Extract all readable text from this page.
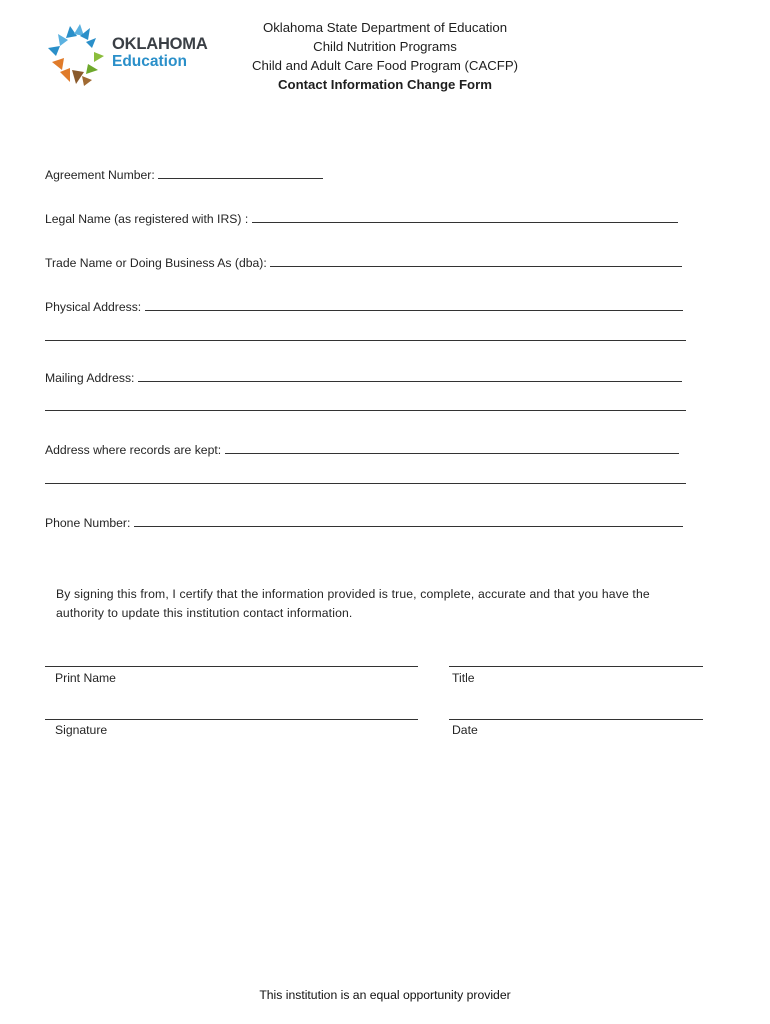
OKLAHOMA
Education
Oklahoma State Department of Education
Child Nutrition Programs
Child and Adult Care Food Program (CACFP)
Contact Information Change Form
Agreement Number:
Legal Name (as registered with IRS) :
Trade Name or Doing Business As (dba):
Physical Address:
Mailing Address:
Address where records are kept:
Phone Number:
By signing this from, I certify that the information provided is true, complete, accurate and that you have the authority to update this institution contact information.
Print Name	Title
Signature	Date
This institution is an equal opportunity provider
